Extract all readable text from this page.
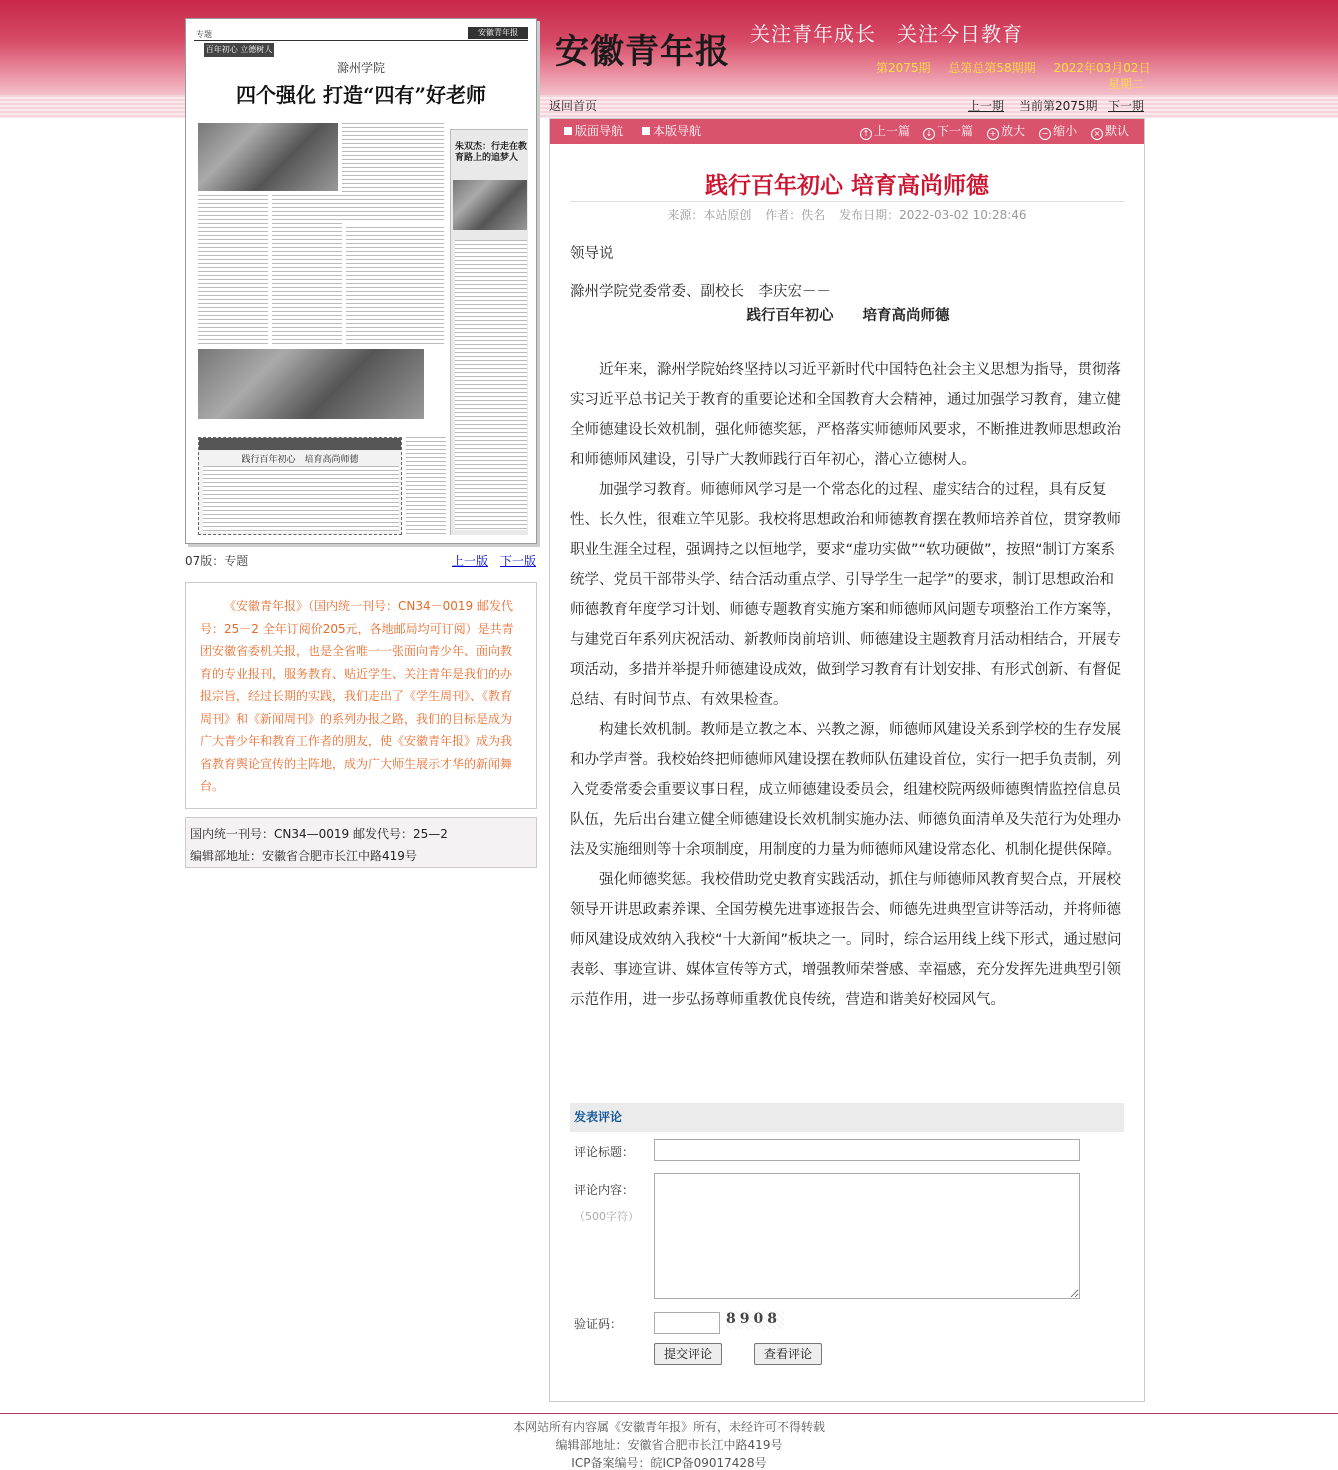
专题	安徽青年报
百年初心 立德树人
滁州学院
四个强化 打造“四有”好老师
朱双杰：行走在教育路上的追梦人
践行百年初心　培育高尚师德
07版：专题	上一版 下一版
《安徽青年报》（国内统一刊号：CN34－0019 邮发代号：25－2 全年订阅价205元，各地邮局均可订阅）是共青团安徽省委机关报，也是全省唯一一张面向青少年、面向教育的专业报刊，服务教育、贴近学生、关注青年是我们的办报宗旨，经过长期的实践，我们走出了《学生周刊》、《教育周刊》和《新闻周刊》的系列办报之路，我们的目标是成为广大青少年和教育工作者的朋友，使《安徽青年报》成为我省教育舆论宣传的主阵地，成为广大师生展示才华的新闻舞台。
国内统一刊号：CN34—0019 邮发代号：25—2
编辑部地址：安徽省合肥市长江中路419号
安徽青年报 关注青年成长　关注今日教育
第2075期 总第总第58期期 2022年03月02日
星期二
返回首页	上一期 当前第2075期 下一期
版面导航	本版导航	↑ 上一篇	↓ 下一篇	+ 放大	− 缩小	× 默认
践行百年初心 培育高尚师德
来源：本站原创 作者：佚名 发布日期：2022-03-02 10:28:46

领导说

滁州学院党委常委、副校长　李庆宏－－

践行百年初心　　培育高尚师德

近年来，滁州学院始终坚持以习近平新时代中国特色社会主义思想为指导，贯彻落实习近平总书记关于教育的重要论述和全国教育大会精神，通过加强学习教育，建立健全师德建设长效机制，强化师德奖惩，严格落实师德师风要求，不断推进教师思想政治和师德师风建设，引导广大教师践行百年初心，潜心立德树人。

加强学习教育。师德师风学习是一个常态化的过程、虚实结合的过程，具有反复性、长久性，很难立竿见影。我校将思想政治和师德教育摆在教师培养首位，贯穿教师职业生涯全过程，强调持之以恒地学，要求“虚功实做”“软功硬做”，按照“制订方案系统学、党员干部带头学、结合活动重点学、引导学生一起学”的要求，制订思想政治和师德教育年度学习计划、师德专题教育实施方案和师德师风问题专项整治工作方案等，与建党百年系列庆祝活动、新教师岗前培训、师德建设主题教育月活动相结合，开展专项活动，多措并举提升师德建设成效，做到学习教育有计划安排、有形式创新、有督促总结、有时间节点、有效果检查。

构建长效机制。教师是立教之本、兴教之源，师德师风建设关系到学校的生存发展和办学声誉。我校始终把师德师风建设摆在教师队伍建设首位，实行一把手负责制，列入党委常委会重要议事日程，成立师德建设委员会，组建校院两级师德舆情监控信息员队伍，先后出台建立健全师德建设长效机制实施办法、师德负面清单及失范行为处理办法及实施细则等十余项制度，用制度的力量为师德师风建设常态化、机制化提供保障。

强化师德奖惩。我校借助党史教育实践活动，抓住与师德师风教育契合点，开展校领导开讲思政素养课、全国劳模先进事迹报告会、师德先进典型宣讲等活动，并将师德师风建设成效纳入我校“十大新闻”板块之一。同时，综合运用线上线下形式，通过慰问表彰、事迹宣讲、媒体宣传等方式，增强教师荣誉感、幸福感，充分发挥先进典型引领示范作用，进一步弘扬尊师重教优良传统，营造和谐美好校园风气。

发表评论
评论标题：
评论内容：
（500字符）
验证码：	8908
提交评论	查看评论
本网站所有内容属《安徽青年报》所有，未经许可不得转载
编辑部地址：安徽省合肥市长江中路419号
ICP备案编号：皖ICP备09017428号
